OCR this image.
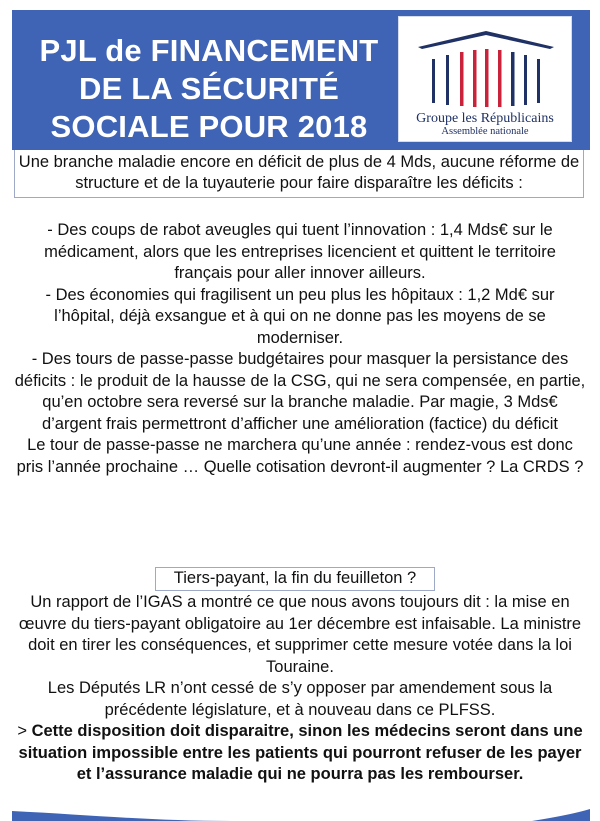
PJL de FINANCEMENT
DE LA SÉCURITÉ
SOCIALE POUR 2018	Groupe les Républicains
Assemblée nationale
Une branche maladie encore en déficit de plus de 4 Mds, aucune réforme de structure et de la tuyauterie pour faire disparaître les déficits :

- Des coups de rabot aveugles qui tuent l’innovation : 1,4 Mds€ sur le médicament, alors que les entreprises licencient et quittent le territoire français pour aller innover ailleurs.

- Des économies qui fragilisent un peu plus les hôpitaux : 1,2 Md€ sur l’hôpital, déjà exsangue et à qui on ne donne pas les moyens de se moderniser.

- Des tours de passe-passe budgétaires pour masquer la persistance des déficits : le produit de la hausse de la CSG, qui ne sera compensée, en partie, qu’en octobre sera reversé sur la branche maladie. Par magie, 3 Mds€ d’argent frais permettront d’afficher une amélioration (factice) du déficit

Le tour de passe-passe ne marchera qu’une année : rendez-vous est donc pris l’année prochaine … Quelle cotisation devront-il augmenter ? La CRDS ?

Tiers-payant, la fin du feuilleton ?

Un rapport de l’IGAS a montré ce que nous avons toujours dit : la mise en œuvre du tiers-payant obligatoire au 1er décembre est infaisable. La ministre doit en tirer les conséquences, et supprimer cette mesure votée dans la loi Touraine.

Les Députés LR n’ont cessé de s’y opposer par amendement sous la précédente législature, et à nouveau dans ce PLFSS.

> Cette disposition doit disparaitre, sinon les médecins seront dans une situation impossible entre les patients qui pourront refuser de les payer et l’assurance maladie qui ne pourra pas les rembourser.
